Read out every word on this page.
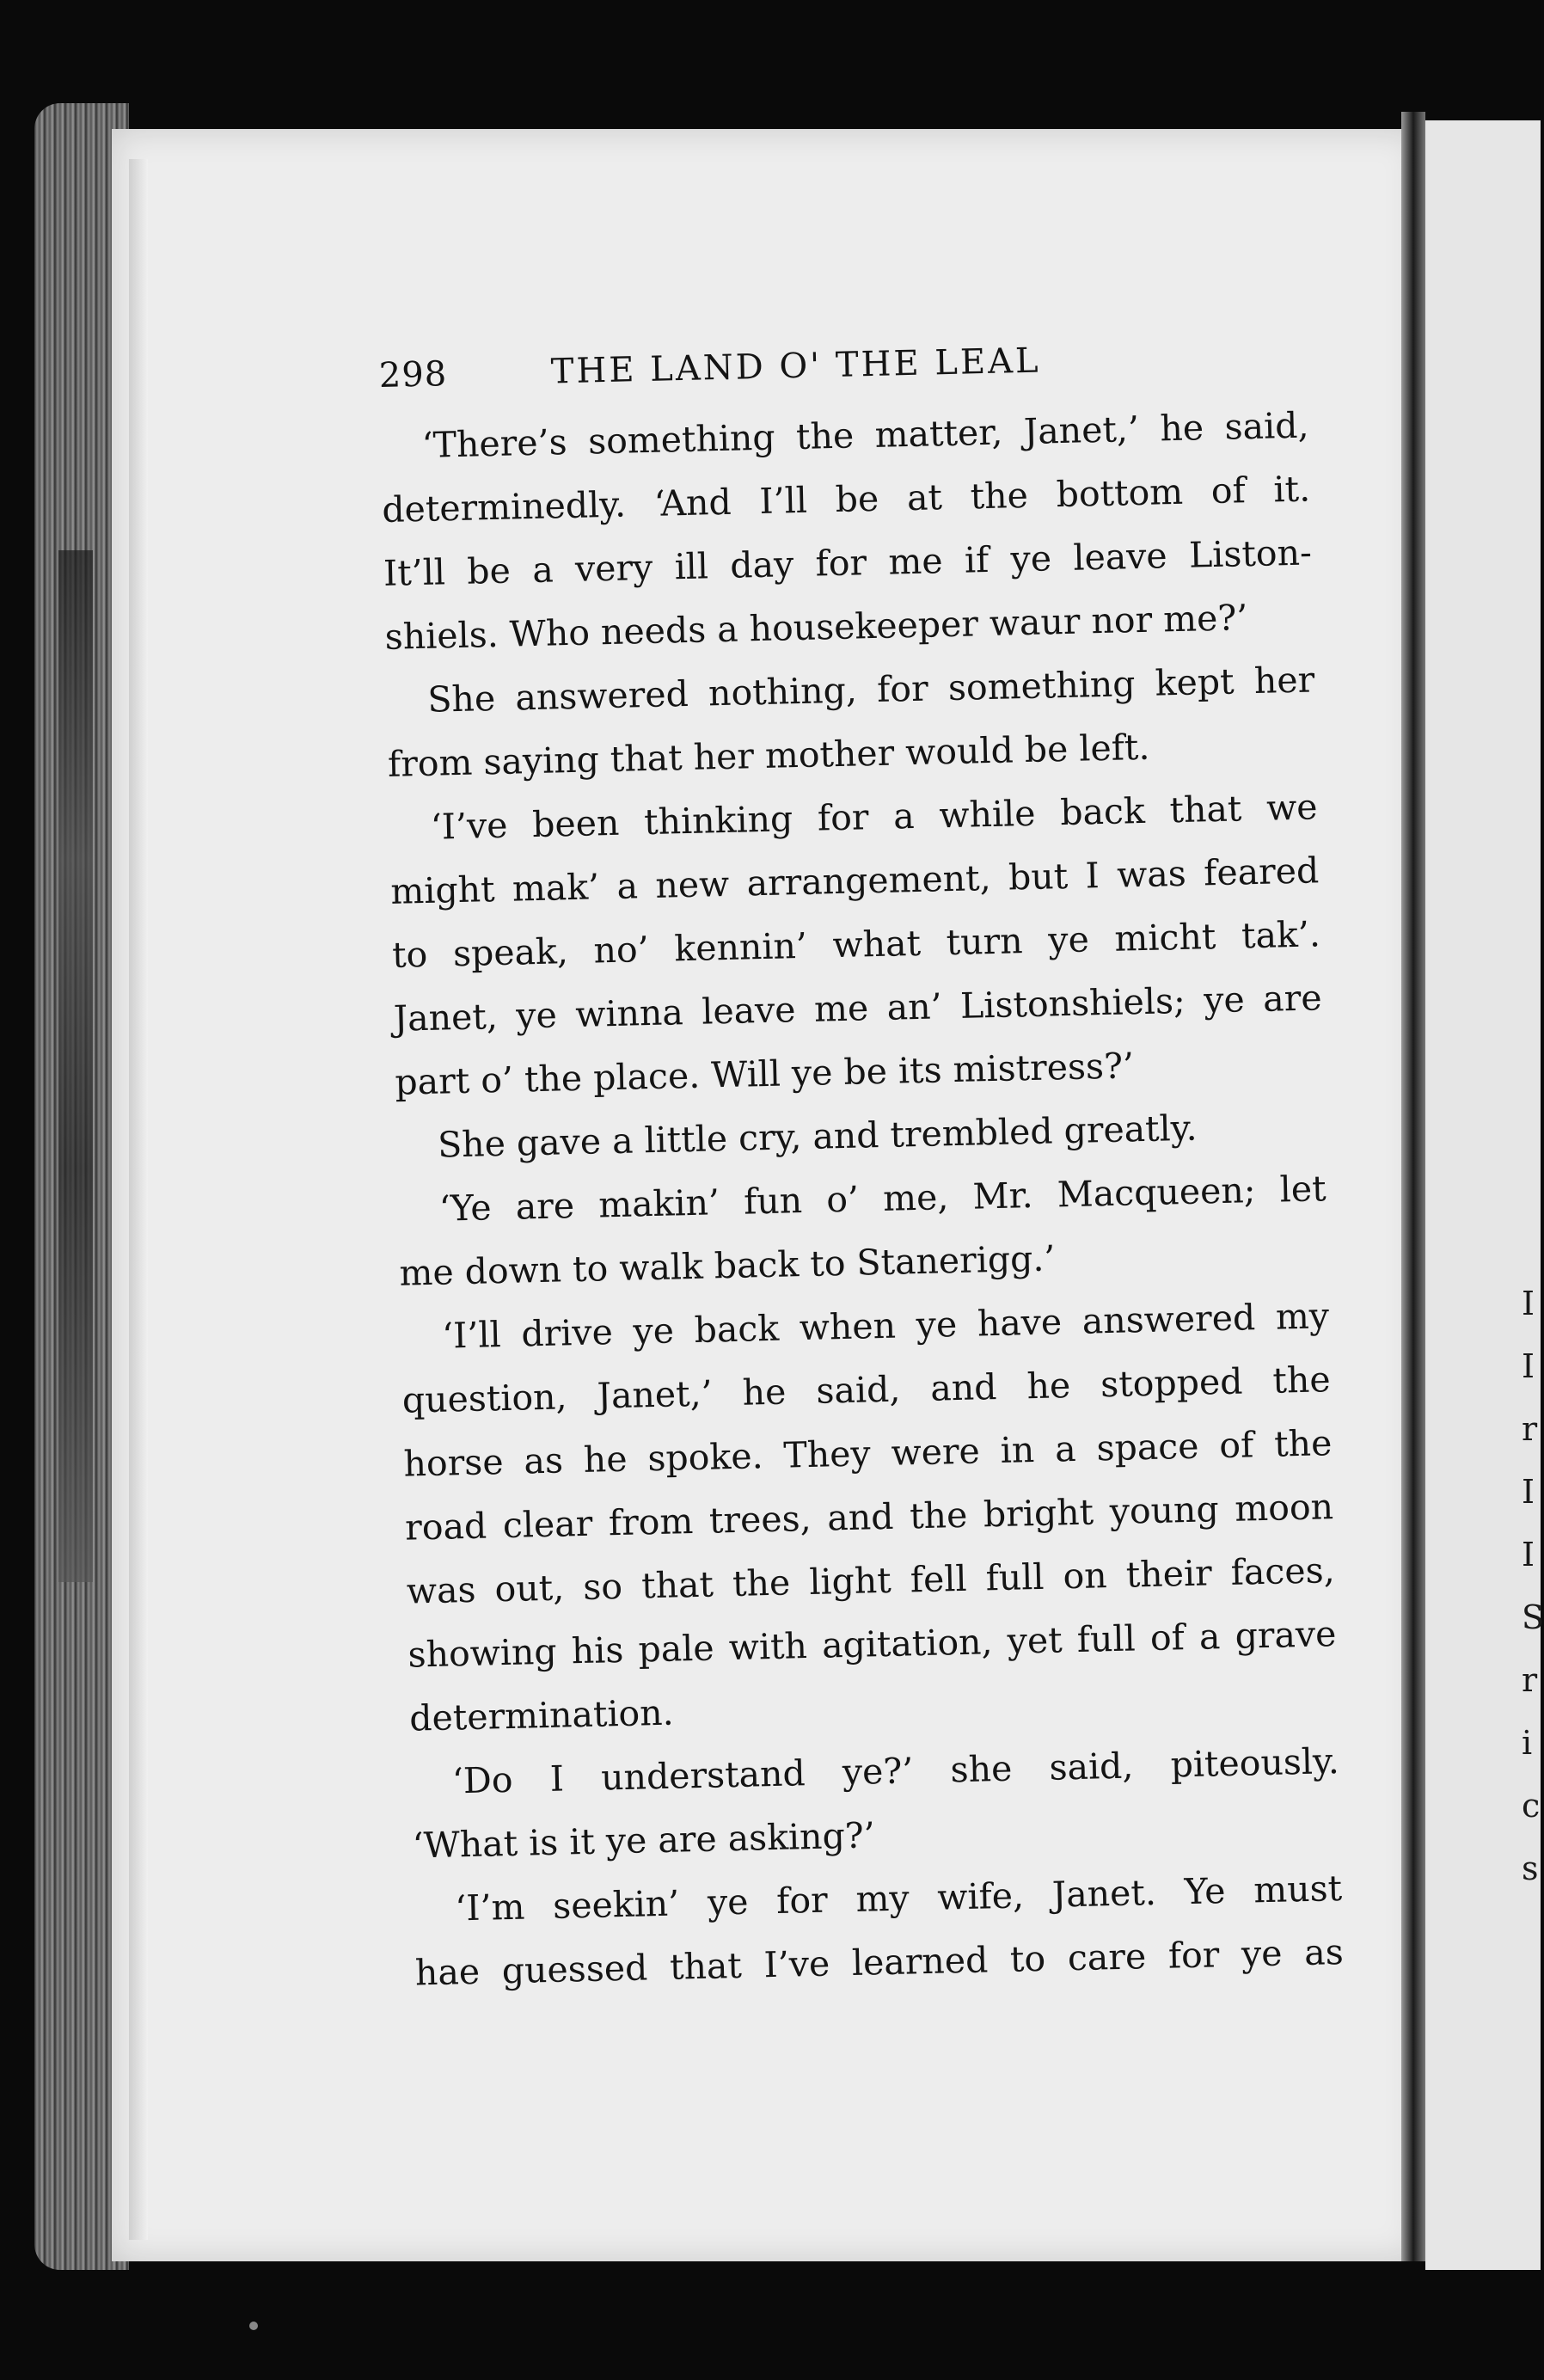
I
I
r
I
I
S
r
i
c
s
298	THE LAND O' THE LEAL
‘There’s something the matter, Janet,’ he said,
determinedly. ‘And I’ll be at the bottom of it.
It’ll be a very ill day for me if ye leave Liston-
shiels. Who needs a housekeeper waur nor me?’
She answered nothing, for something kept her
from saying that her mother would be left.
‘I’ve been thinking for a while back that we
might mak’ a new arrangement, but I was feared
to speak, no’ kennin’ what turn ye micht tak’.
Janet, ye winna leave me an’ Listonshiels; ye are
part o’ the place. Will ye be its mistress?’
She gave a little cry, and trembled greatly.
‘Ye are makin’ fun o’ me, Mr. Macqueen; let
me down to walk back to Stanerigg.’
‘I’ll drive ye back when ye have answered my
question, Janet,’ he said, and he stopped the
horse as he spoke. They were in a space of the
road clear from trees, and the bright young moon
was out, so that the light fell full on their faces,
showing his pale with agitation, yet full of a grave
determination.
‘Do I understand ye?’ she said, piteously.
‘What is it ye are asking?’
‘I’m seekin’ ye for my wife, Janet. Ye must
hae guessed that I’ve learned to care for ye as
